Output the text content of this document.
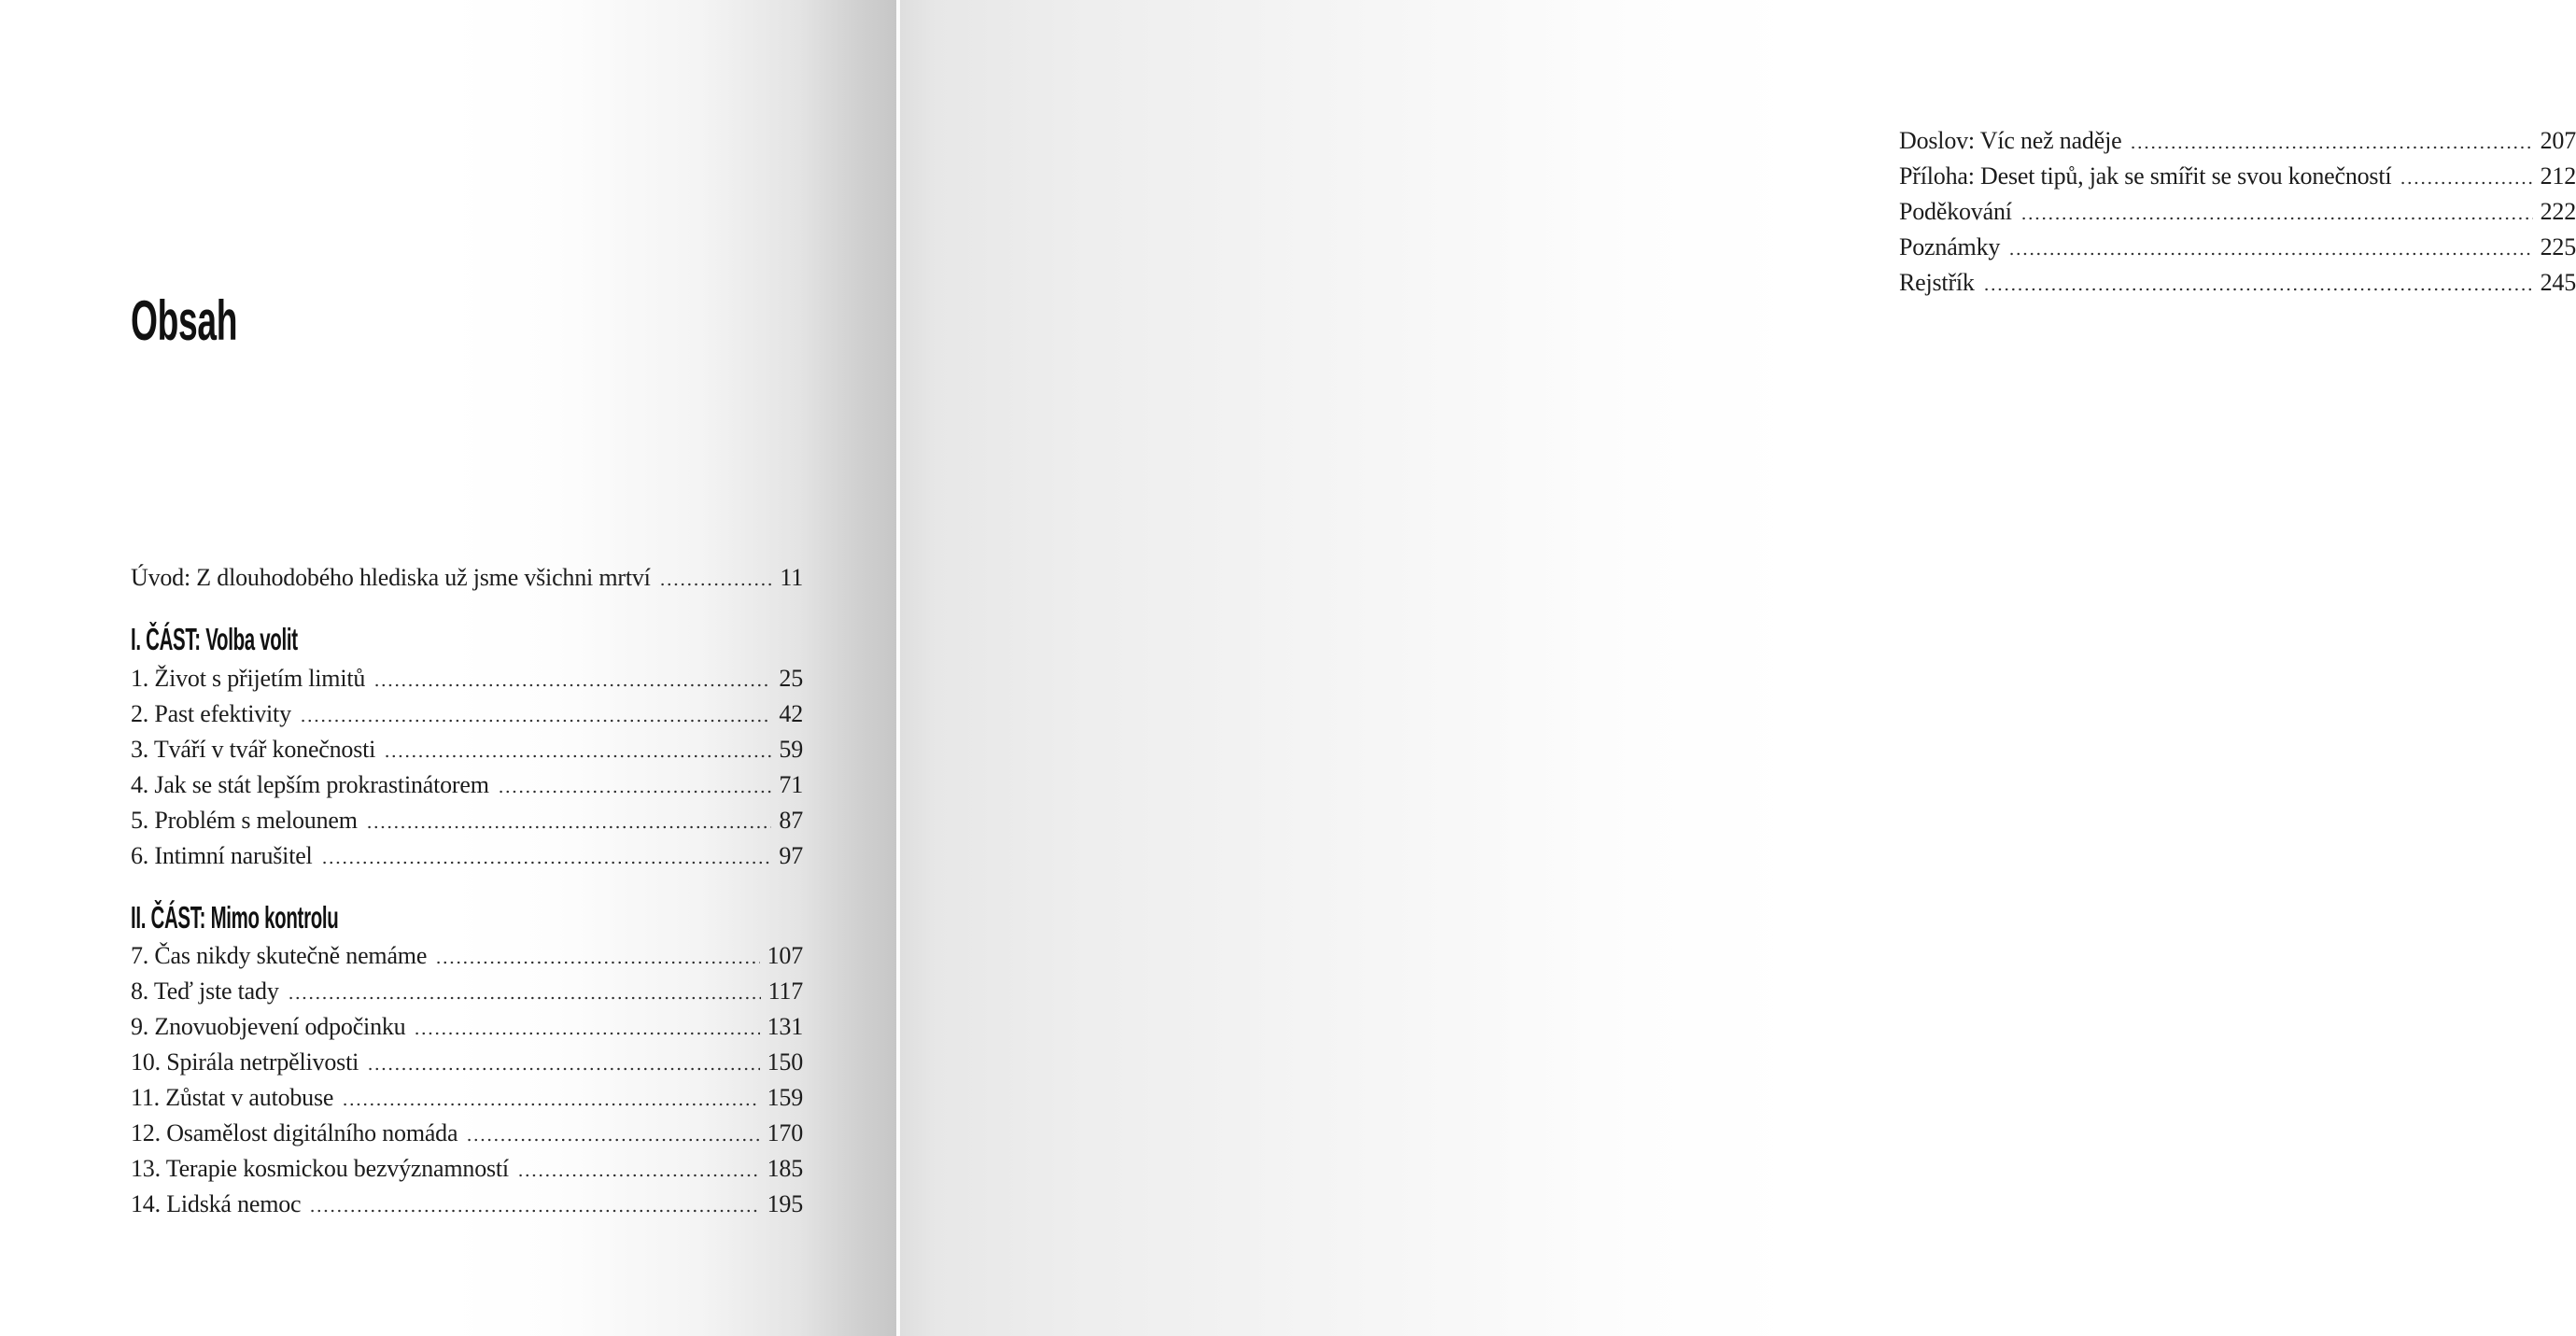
Obsah
Úvod: Z dlouhodobého hlediska už jsme všichni mrtví	11
I. ČÁST: Volba volit
1. Život s přijetím limitů	25
2. Past efektivity	42
3. Tváří v tvář konečnosti	59
4. Jak se stát lepším prokrastinátorem	71
5. Problém s melounem	87
6. Intimní narušitel	97
II. ČÁST: Mimo kontrolu
7. Čas nikdy skutečně nemáme	107
8. Teď jste tady	117
9. Znovuobjevení odpočinku	131
10. Spirála netrpělivosti	150
11. Zůstat v autobuse	159
12. Osamělost digitálního nomáda	170
13. Terapie kosmickou bezvýznamností	185
14. Lidská nemoc	195
Doslov: Víc než naděje	207
Příloha: Deset tipů, jak se smířit se svou konečností	212
Poděkování	222
Poznámky	225
Rejstřík	245
